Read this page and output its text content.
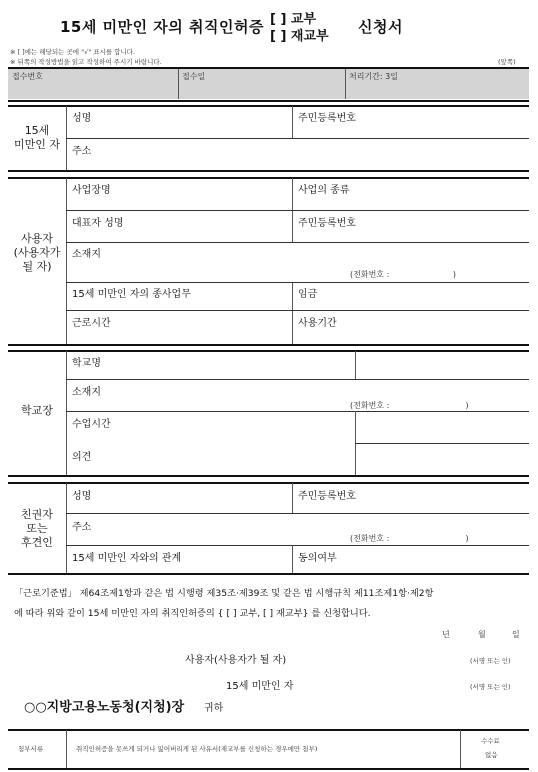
15세 미만인 자의 취직인허증 [ ] 교부
[ ] 재교부
신청서
※ [ ]에는 해당되는 곳에 "√" 표시를 합니다.
※ 뒤쪽의 작성방법을 읽고 작성하여 주시기 바랍니다.	(앞쪽)
접수번호	접수일	처리기간: 3일
15세
미만인 자
성명	주민등록번호
주소
사용자
(사용자가
될 자)
사업장명	사업의 종류
대표자 성명	주민등록번호
소재지
(전화번호 :                         )
15세 미만인 자의 종사업무	임금
근로시간	사용기간
학교장
학교명
소재지
(전화번호 :                              )
수업시간
의견
친권자
또는
후견인
성명	주민등록번호
주소
(전화번호 :                              )
15세 미만인 자와의 관계	동의여부
「근로기준법」 제64조제1항과 같은 법 시행령 제35조·제39조 및 같은 법 시행규칙 제11조제1항·제2항
에 따라 위와 같이 15세 미만인 자의 취직인허증의 { [ ] 교부, [ ] 재교부} 를 신청합니다.
년	월	일
사용자(사용자가 될 자)	(서명 또는 인)
15세 미만인 자	(서명 또는 인)
○○지방고용노동청(지청)장 귀하
첨부서류	취직인허증을 못쓰게 되거나 잃어버리게 된 사유서(재교부를 신청하는 경우에만 첨부)
수수료
없음
